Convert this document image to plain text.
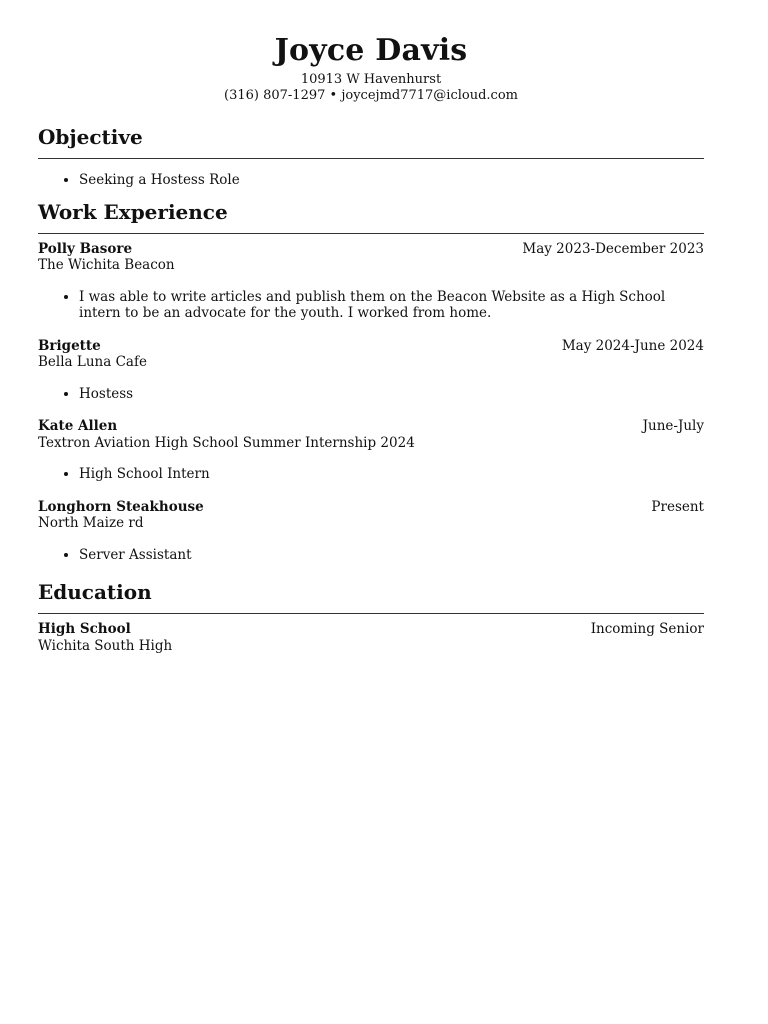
Joyce Davis
10913 W Havenhurst
(316) 807-1297 • joycejmd7717@icloud.com
Objective
• Seeking a Hostess Role
Work Experience
Polly Basore	May 2023-December 2023
The Wichita Beacon
• I was able to write articles and publish them on the Beacon Website as a High School intern to be an advocate for the youth. I worked from home.
Brigette	May 2024-June 2024
Bella Luna Cafe
• Hostess
Kate Allen	June-July
Textron Aviation High School Summer Internship 2024
• High School Intern
Longhorn Steakhouse	Present
North Maize rd
• Server Assistant
Education
High School	Incoming Senior
Wichita South High
